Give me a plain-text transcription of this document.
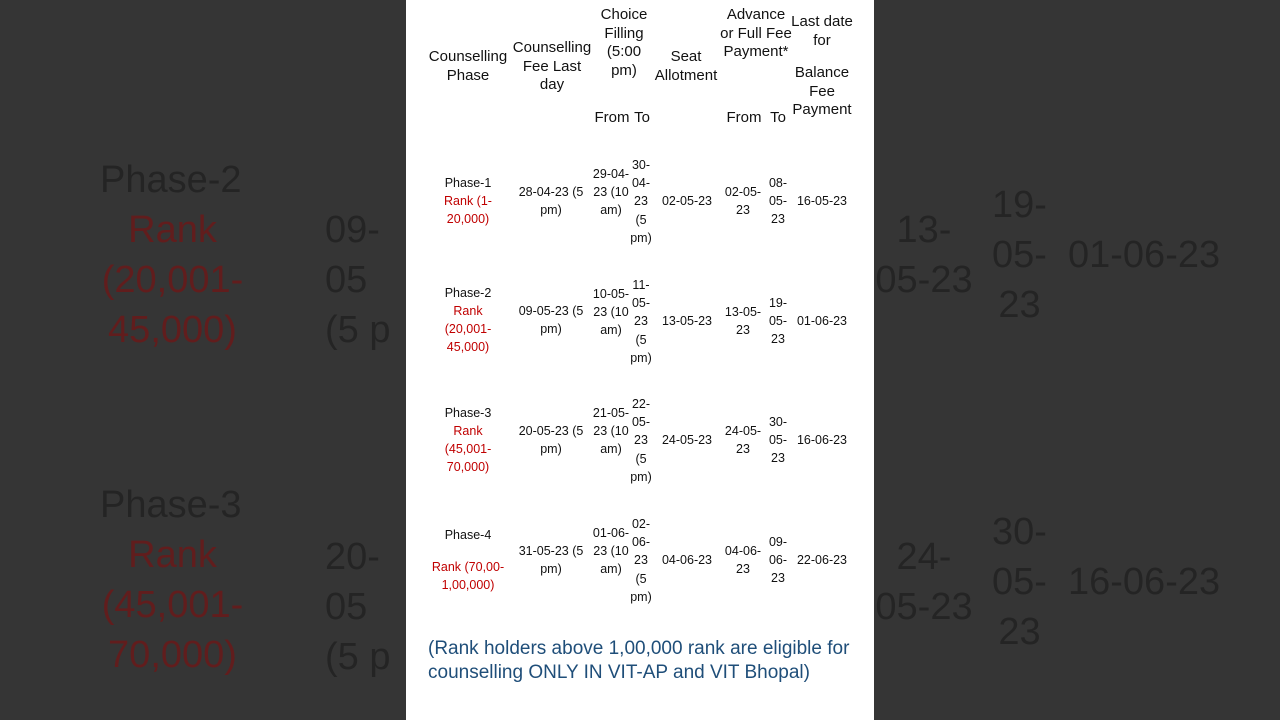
Phase-2
Rank (20,001-45,000)
09-05 (5 p
13-05-23
19-05-23
01-06-23
Phase-3
Rank (45,001-70,000)
20-05 (5 p
24-05-23
30-05-23
16-06-23
Counselling Phase
Counselling Fee Last day
Choice Filling (5:00 pm)
From To
Seat Allotment
Advance or Full Fee Payment*
From To
Last date for
Balance Fee Payment
Phase-1
Rank (1-20,000)
28-04-23 (5 pm)
29-04-23 (10 am)
30-04-23 (5 pm)
02-05-23
02-05-23
08-05-23
16-05-23
Phase-2
Rank (20,001-45,000)
09-05-23 (5 pm)
10-05-23 (10 am)
11-05-23 (5 pm)
13-05-23
13-05-23
19-05-23
01-06-23
Phase-3
Rank (45,001-70,000)
20-05-23 (5 pm)
21-05-23 (10 am)
22-05-23 (5 pm)
24-05-23
24-05-23
30-05-23
16-06-23
Phase-4
Rank (70,00-1,00,000)
31-05-23 (5 pm)
01-06-23 (10 am)
02-06-23 (5 pm)
04-06-23
04-06-23
09-06-23
22-06-23
(Rank holders above 1,00,000 rank are eligible for counselling ONLY IN VIT-AP and VIT Bhopal)
